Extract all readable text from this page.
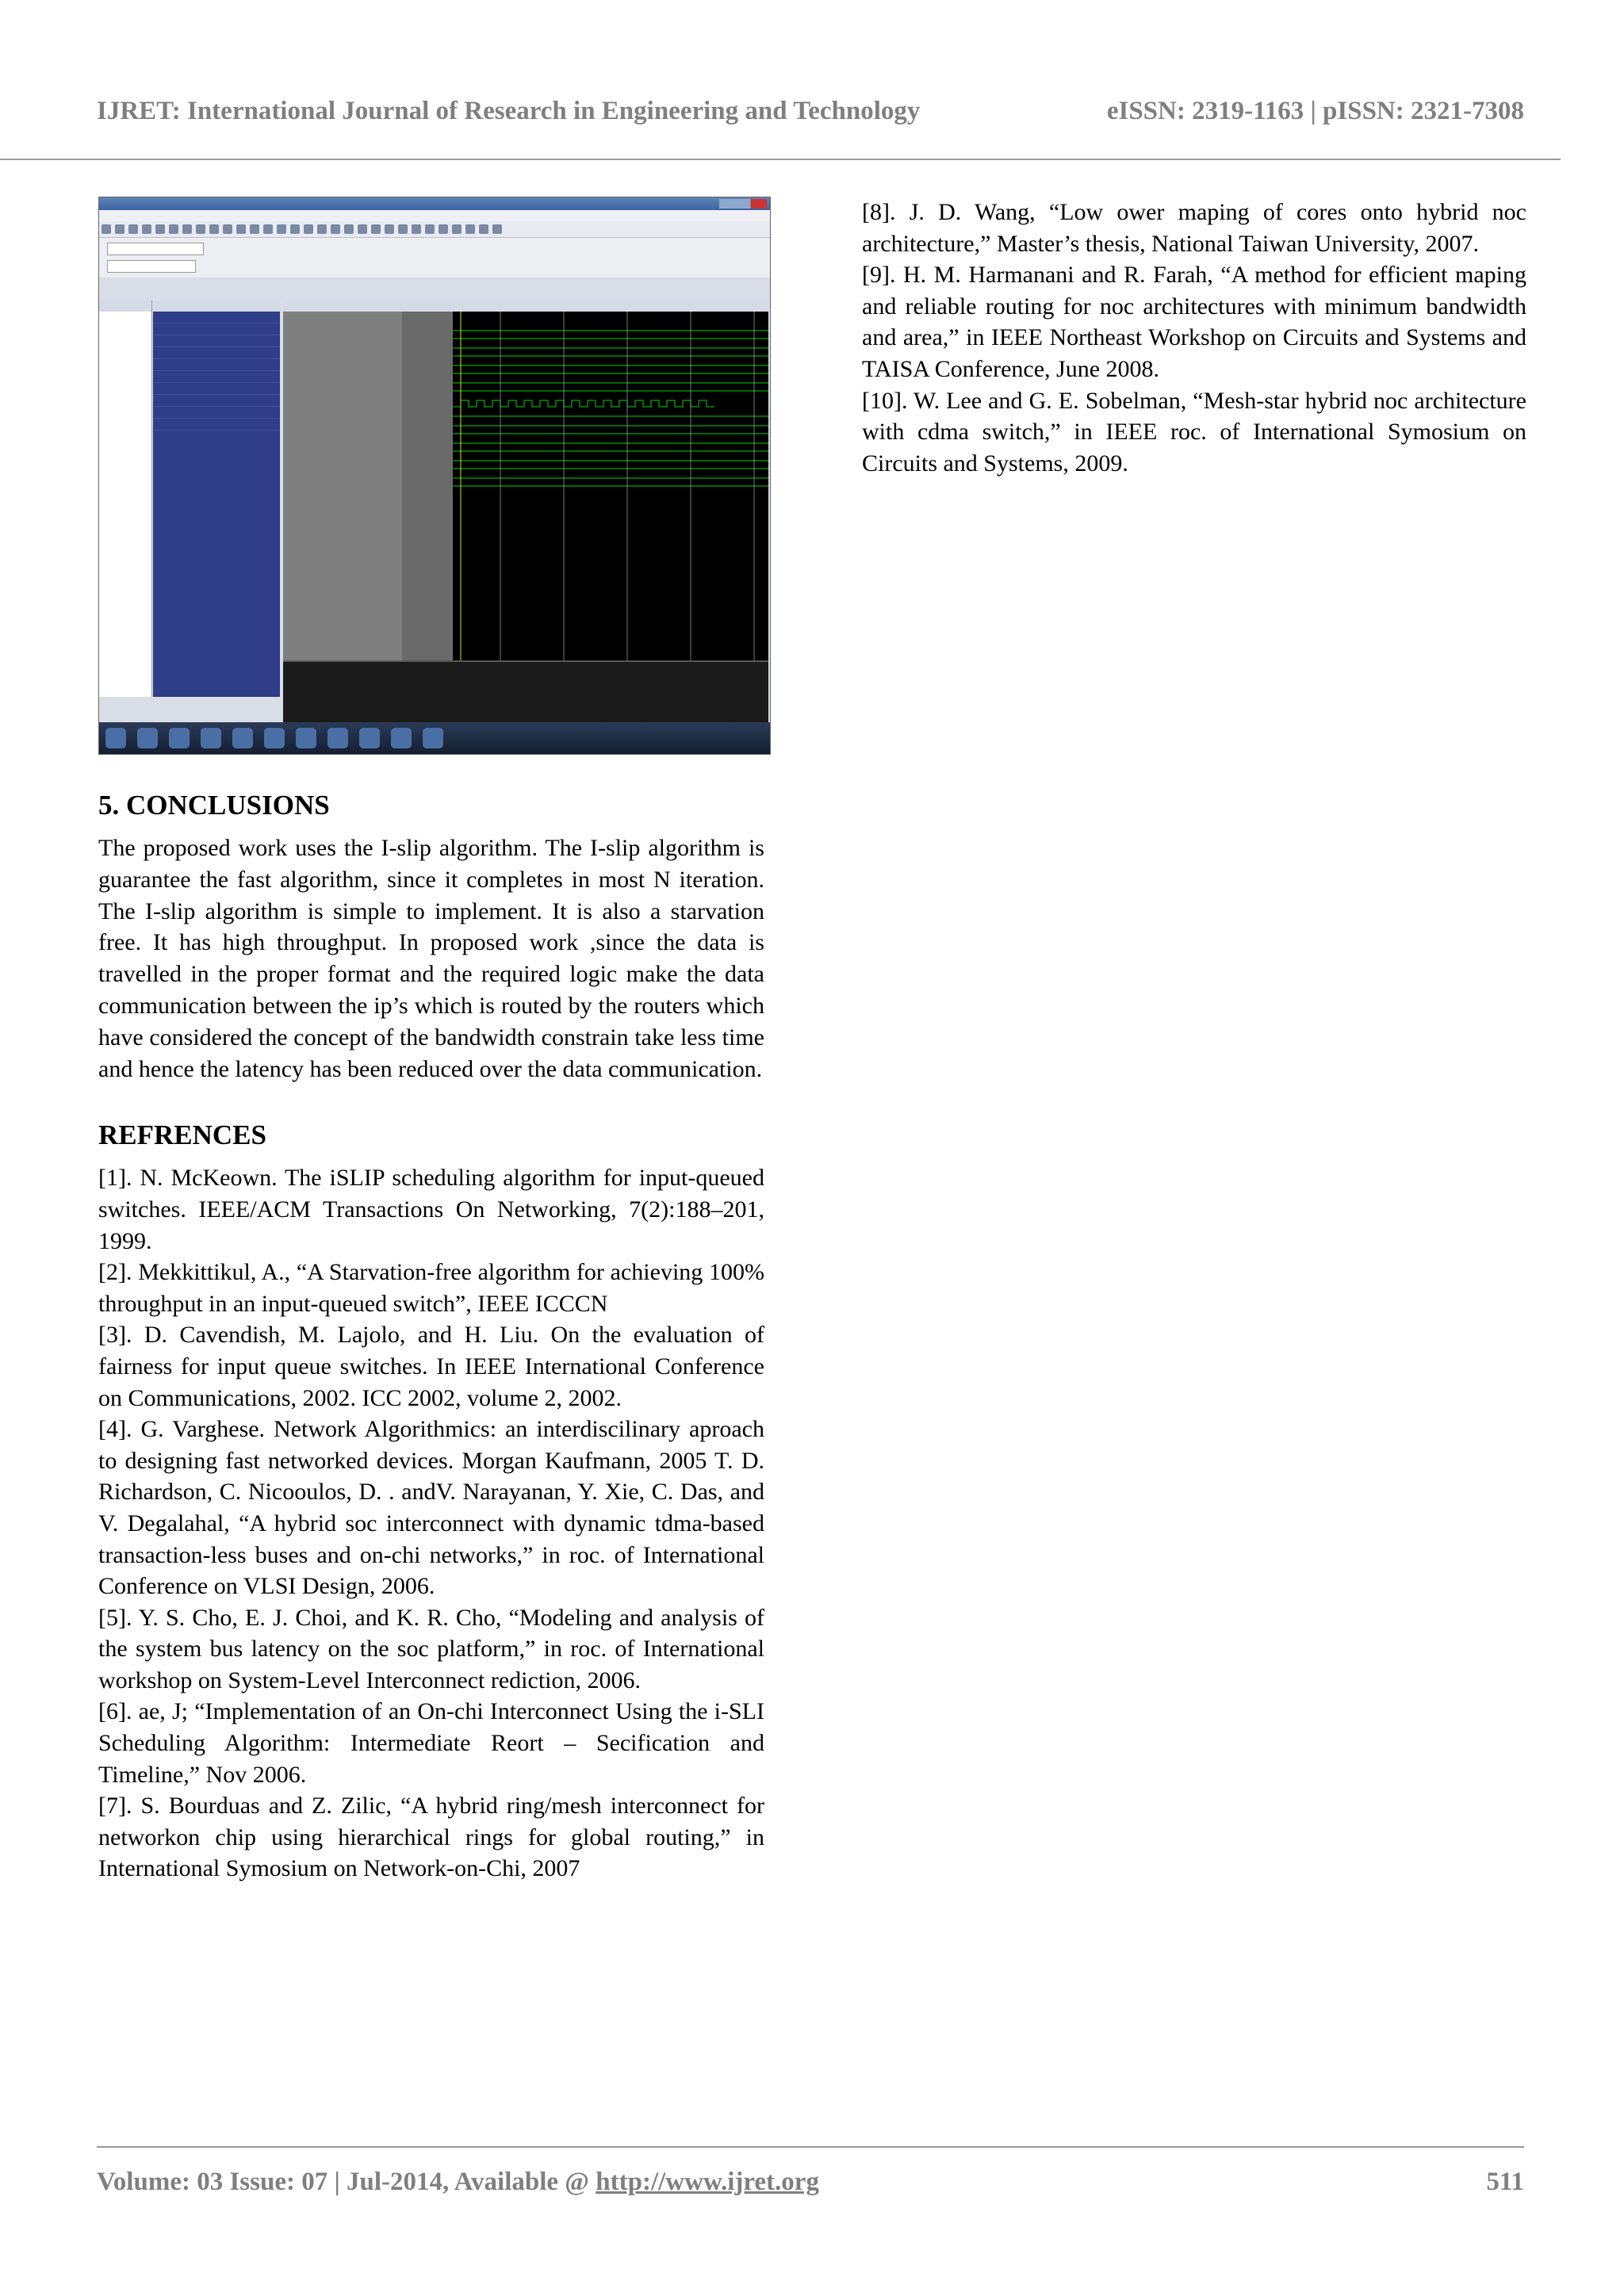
IJRET: International Journal of Research in Engineering and Technology	eISSN: 2319-1163 | pISSN: 2321-7308
5. CONCLUSIONS

The proposed work uses the I-slip algorithm. The I-slip algorithm is guarantee the fast algorithm, since it completes in most N iteration. The I-slip algorithm is simple to implement. It is also a starvation free. It has high throughput. In proposed work ,since the data is travelled in the proper format and the required logic make the data communication between the ip’s which is routed by the routers which have considered the concept of the bandwidth constrain take less time and hence the latency has been reduced over the data communication.

REFRENCES

[1]. N. McKeown. The iSLIP scheduling algorithm for input-queued switches. IEEE/ACM Transactions On Networking, 7(2):188–201, 1999.

[2]. Mekkittikul, A., “A Starvation-free algorithm for achieving 100% throughput in an input-queued switch”, IEEE ICCCN

[3]. D. Cavendish, M. Lajolo, and H. Liu. On the evaluation of fairness for input queue switches. In IEEE International Conference on Communications, 2002. ICC 2002, volume 2, 2002.

[4]. G. Varghese. Network Algorithmics: an interdiscilinary aproach to designing fast networked devices. Morgan Kaufmann, 2005 T. D. Richardson, C. Nicooulos, D. . andV. Narayanan, Y. Xie, C. Das, and V. Degalahal, “A hybrid soc interconnect with dynamic tdma-based transaction-less buses and on-chi networks,” in roc. of International Conference on VLSI Design, 2006.

[5]. Y. S. Cho, E. J. Choi, and K. R. Cho, “Modeling and analysis of the system bus latency on the soc platform,” in roc. of International workshop on System-Level Interconnect rediction, 2006.

[6]. ae, J; “Implementation of an On-chi Interconnect Using the i-SLI Scheduling Algorithm: Intermediate Reort – Secification and Timeline,” Nov 2006.

[7]. S. Bourduas and Z. Zilic, “A hybrid ring/mesh interconnect for networkon chip using hierarchical rings for global routing,” in International Symosium on Network-on-Chi, 2007

[8]. J. D. Wang, “Low ower maping of cores onto hybrid noc architecture,” Master’s thesis, National Taiwan University, 2007.

[9]. H. M. Harmanani and R. Farah, “A method for efficient maping and reliable routing for noc architectures with minimum bandwidth and area,” in IEEE Northeast Workshop on Circuits and Systems and TAISA Conference, June 2008.

[10]. W. Lee and G. E. Sobelman, “Mesh-star hybrid noc architecture with cdma switch,” in IEEE roc. of International Symosium on Circuits and Systems, 2009.

Volume: 03 Issue: 07 | Jul-2014, Available @ http://www.ijret.org	511
